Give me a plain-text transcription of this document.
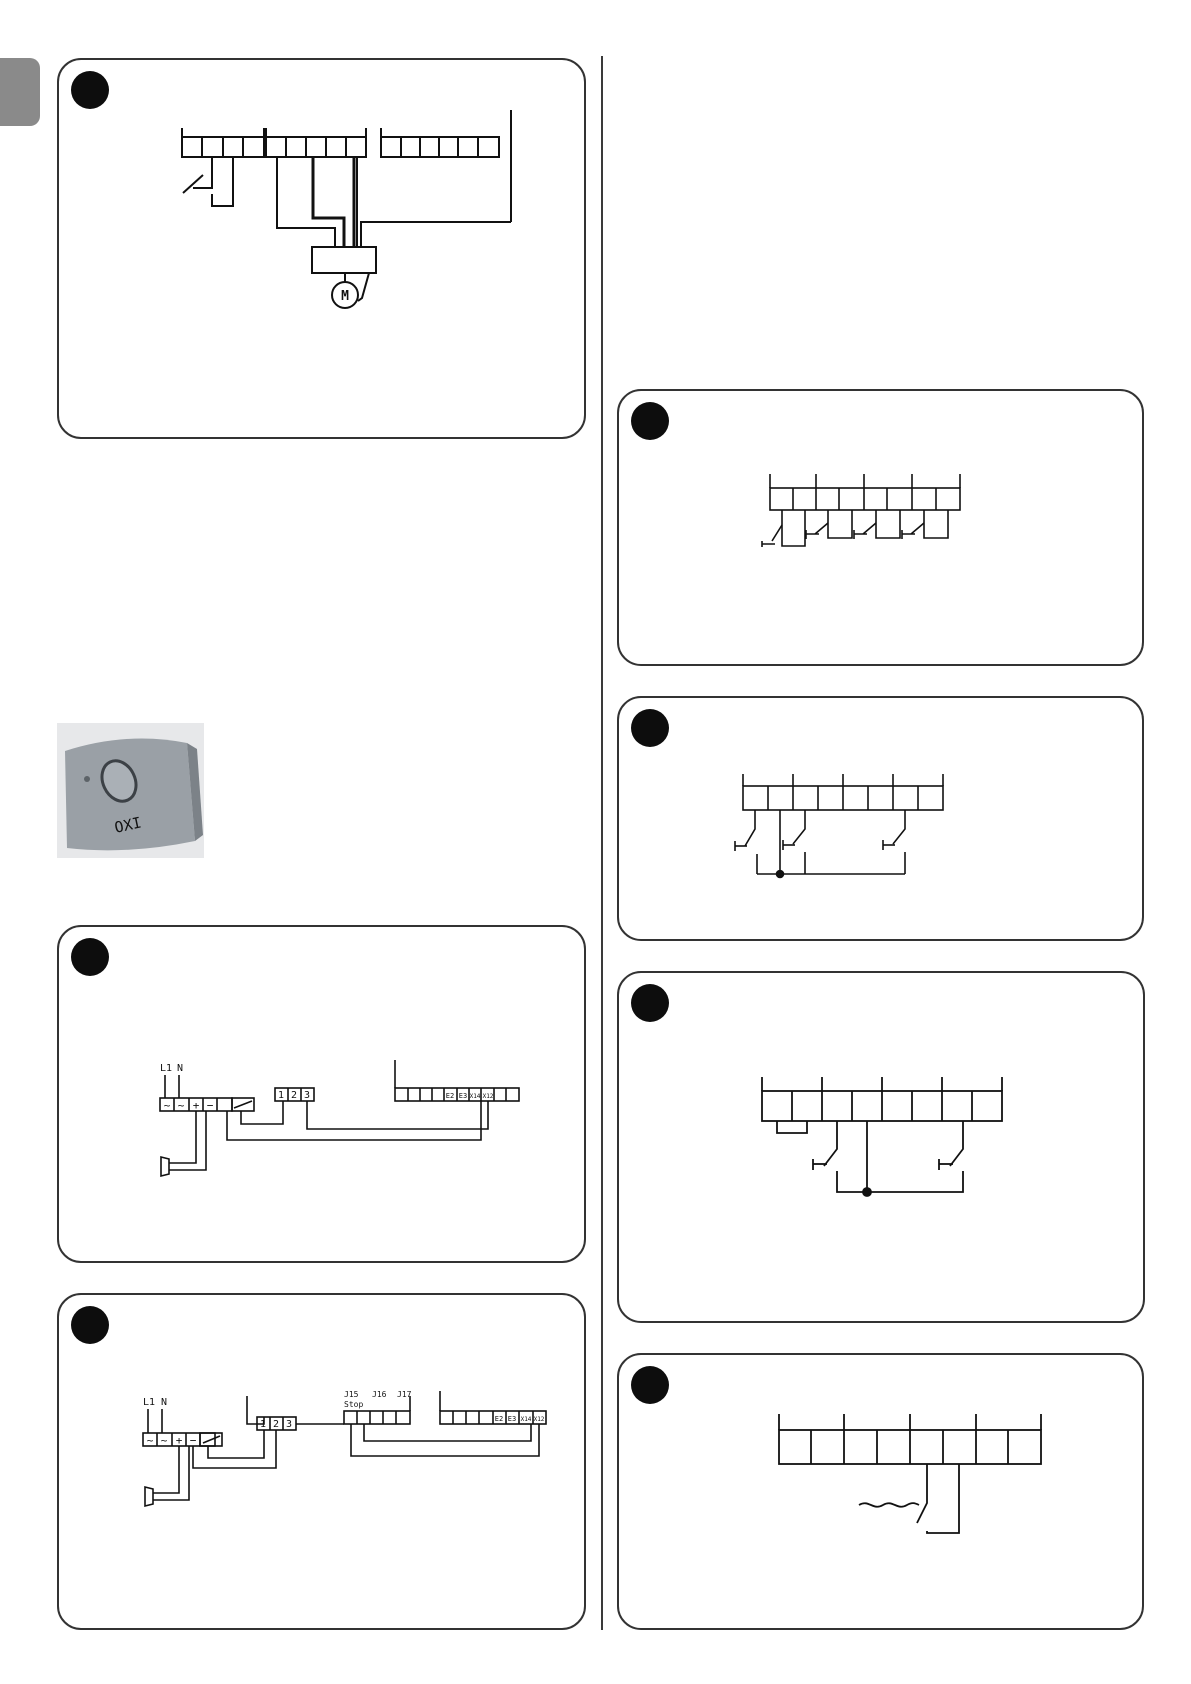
M
OXI
L1 N
~ ~ + −
1 2 3	E2 E3 X14 X12
L1 N
~ ~ + −
1 2 3
J15
Stop
J16 J17
E2 E3 X14 X12
